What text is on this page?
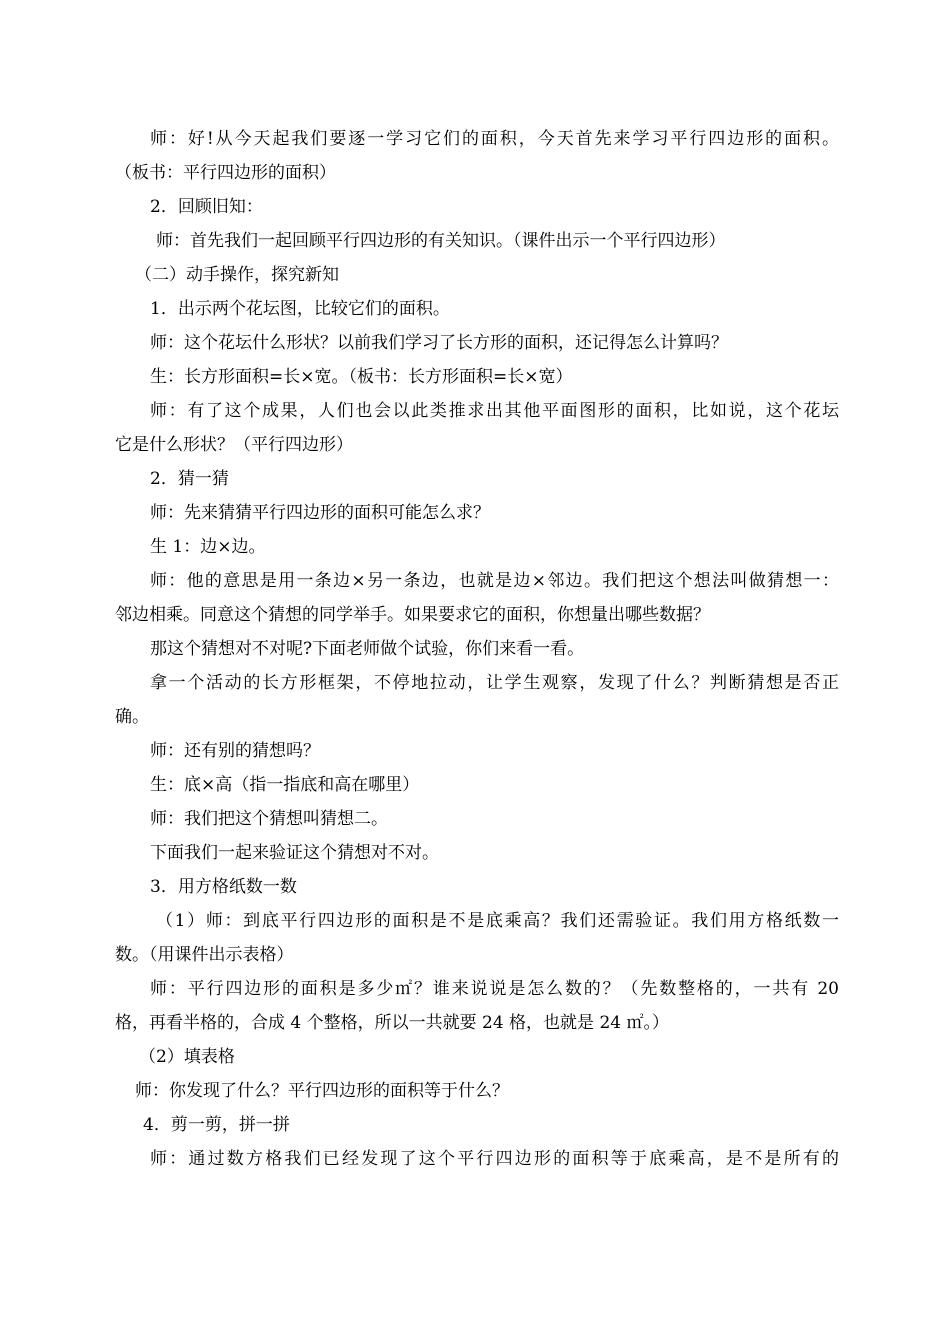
师：好!从今天起我们要逐一学习它们的面积，今天首先来学习平行四边形的面积。
（板书：平行四边形的面积）
2．回顾旧知：
师：首先我们一起回顾平行四边形的有关知识。（课件出示一个平行四边形）
（二）动手操作，探究新知
1．出示两个花坛图，比较它们的面积。
师：这个花坛什么形状？以前我们学习了长方形的面积，还记得怎么计算吗？
生：长方形面积=长×宽。（板书：长方形面积=长×宽）
师：有了这个成果，人们也会以此类推求出其他平面图形的面积，比如说，这个花坛
它是什么形状？（平行四边形）
2．猜一猜
师：先来猜猜平行四边形的面积可能怎么求？
生 1：边×边。
师：他的意思是用一条边×另一条边，也就是边×邻边。我们把这个想法叫做猜想一：
邻边相乘。同意这个猜想的同学举手。如果要求它的面积，你想量出哪些数据？
那这个猜想对不对呢?下面老师做个试验，你们来看一看。
拿一个活动的长方形框架，不停地拉动，让学生观察，发现了什么？判断猜想是否正
确。
师：还有别的猜想吗？
生：底×高（指一指底和高在哪里）
师：我们把这个猜想叫猜想二。
下面我们一起来验证这个猜想对不对。
3．用方格纸数一数
（1）师：到底平行四边形的面积是不是底乘高？我们还需验证。我们用方格纸数一
数。（用课件出示表格）
师：平行四边形的面积是多少㎡？谁来说说是怎么数的？（先数整格的，一共有 20
格，再看半格的，合成 4 个整格，所以一共就要 24 格，也就是 24 ㎡。）
（2）填表格
师：你发现了什么？平行四边形的面积等于什么？
4．剪一剪，拼一拼
师：通过数方格我们已经发现了这个平行四边形的面积等于底乘高，是不是所有的
